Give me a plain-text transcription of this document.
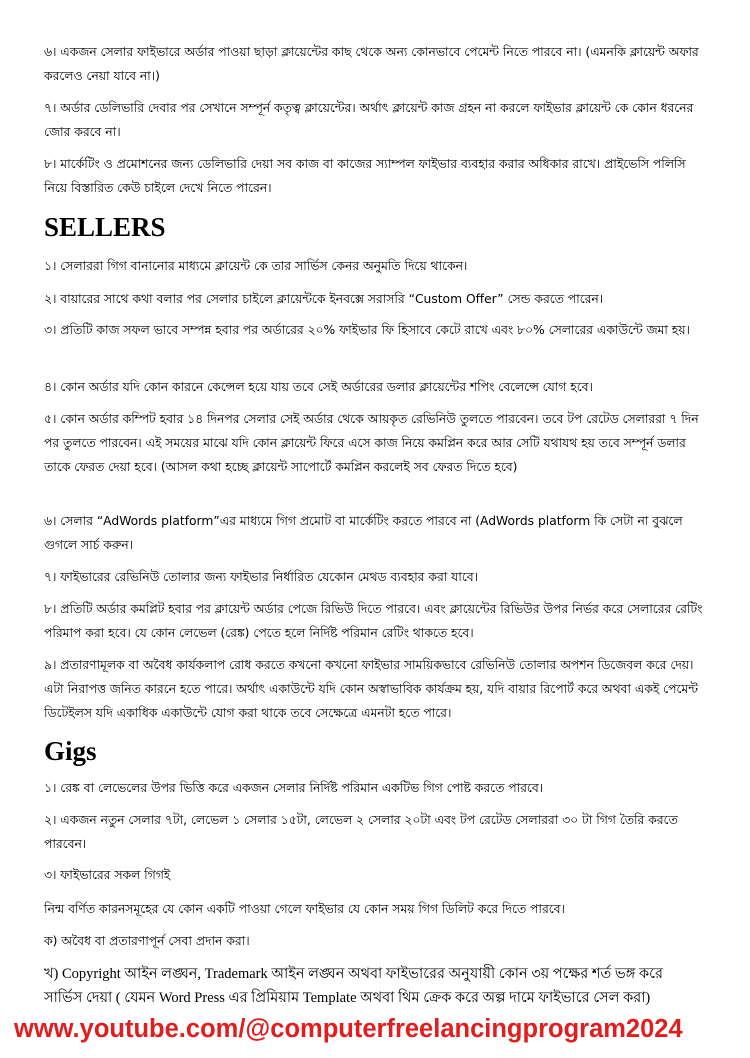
৬। একজন সেলার ফাইভারে অর্ডার পাওয়া ছাড়া ক্লায়েন্টের কাছ থেকে অন্য কোনভাবে পেমেন্ট নিতে পারবে না। (এমনকি ক্লায়েন্ট অফার করলেও নেয়া যাবে না।)

৭। অর্ডার ডেলিভারি দেবার পর সেখানে সম্পূর্ন কতৃত্ব ক্লায়েন্টের। অর্থাৎ ক্লায়েন্ট কাজ গ্রহন না করলে ফাইভার ক্লায়েন্ট কে কোন ধরনের জোর করবে না।

৮। মার্কেটিং ও প্রমোশনের জন্য ডেলিভারি দেয়া সব কাজ বা কাজের স্যাম্পল ফাইভার ব্যবহার করার অধিকার রাখে। প্রাইভেসি পলিসি নিয়ে বিস্তারিত কেউ চাইলে দেখে নিতে পারেন।

SELLERS

১। সেলাররা গিগ বানানোর মাধ্যমে ক্লায়েন্ট কে তার সার্ভিস কেনর অনুমতি দিয়ে থাকেন।

২। বায়ারের সাথে কথা বলার পর সেলার চাইলে ক্লায়েন্টকে ইনবক্সে সরাসরি “Custom Offer” সেন্ড করতে পারেন।

৩। প্রতিটি কাজ সফল ভাবে সম্পন্ন হবার পর অর্ডারের ২০% ফাইভার ফি হিসাবে কেটে রাখে এবং ৮০% সেলারের একাউন্টে জমা হয়।

৪। কোন অর্ডার যদি কোন কারনে কেন্সেল হয়ে যায় তবে সেই অর্ডারের ডলার ক্লায়েন্টের শপিং বেলেন্সে যোগ হবে।

৫। কোন অর্ডার কম্পিট হবার ১৪ দিনপর সেলার সেই অর্ডার থেকে আয়কৃত রেভিনিউ তুলতে পারবেন। তবে টপ রেটেড সেলাররা ৭ দিন পর তুলতে পারবেন। এই সময়ের মাঝে যদি কোন ক্লায়েন্ট ফিরে এসে কাজ নিয়ে কমপ্লিন করে আর সেটি যথাযথ হয় তবে সম্পূর্ন ডলার তাকে ফেরত দেয়া হবে। (আসল কথা হচ্ছে ক্লায়েন্ট সাপোর্টে কমপ্লিন করলেই সব ফেরত দিতে হবে)

৬। সেলার “AdWords platform”এর মাধ্যমে গিগ প্রমোট বা মার্কেটিং করতে পারবে না (AdWords platform কি সেটা না বুঝলে গুগলে সার্চ করুন।

৭। ফাইভারের রেভিনিউ তোলার জন্য ফাইভার নির্ধারিত যেকোন মেথড ব্যবহার করা যাবে।

৮। প্রতিটি অর্ডার কমপ্লিট হবার পর ক্লায়েন্ট অর্ডার পেজে রিভিউ দিতে পারবে। এবং ক্লায়েন্টের রিভিউর উপর নির্ভর করে সেলারের রেটিং পরিমাপ করা হবে। যে কোন লেভেল (রেঙ্ক) পেতে হলে নির্দিষ্ট পরিমান রেটিং থাকতে হবে।

৯। প্রতারণামূলক বা অবৈধ কার্যকলাপ রোধ করতে কখনো কখনো ফাইভার সাময়িকভাবে রেভিনিউ তোলার অপশন ডিজেবল করে দেয়। এটা নিরাপত্ত জনিত কারনে হতে পারে। অর্থাৎ একাউন্টে যদি কোন অস্বাভাবিক কার্যক্রম হয়, যদি বায়ার রিপোর্ট করে অথবা একই পেমেন্ট ডিটেইলস যদি একাধিক একাউন্টে যোগ করা থাকে তবে সেক্ষেত্রে এমনটা হতে পারে।

Gigs

১। রেঙ্ক বা লেভেলের উপর ভিত্তি করে একজন সেলার নির্দিষ্ট পরিমান একটিভ গিগ পোষ্ট করতে পারবে।

২। একজন নতুন সেলার ৭টা, লেভেল ১ সেলার ১৫টা, লেভেল ২ সেলার ২০টা এবং টপ রেটেড সেলাররা ৩০ টা গিগ তৈরি করতে পারবেন।

৩। ফাইভারের সকল গিগই

নিন্ম বর্ণিত কারনসমূহের যে কোন একটি পাওয়া গেলে ফাইভার যে কোন সময় গিগ ডিলিট করে দিতে পারবে।

ক) অবৈধ বা প্রতারণাপূর্ন সেবা প্রদান করা।

খ) Copyright আইন লঙ্ঘন, Trademark আইন লঙ্ঘন অথবা ফাইভারের অনুযায়ী কোন ৩য় পক্ষের শর্ত ভঙ্গ করে সার্ভিস দেয়া ( যেমন Word Press এর প্রিমিয়াম Template অথবা থিম ক্রেক করে অল্প দামে ফাইভারে সেল করা)

www.youtube.com/@computerfreelancingprogram2024
